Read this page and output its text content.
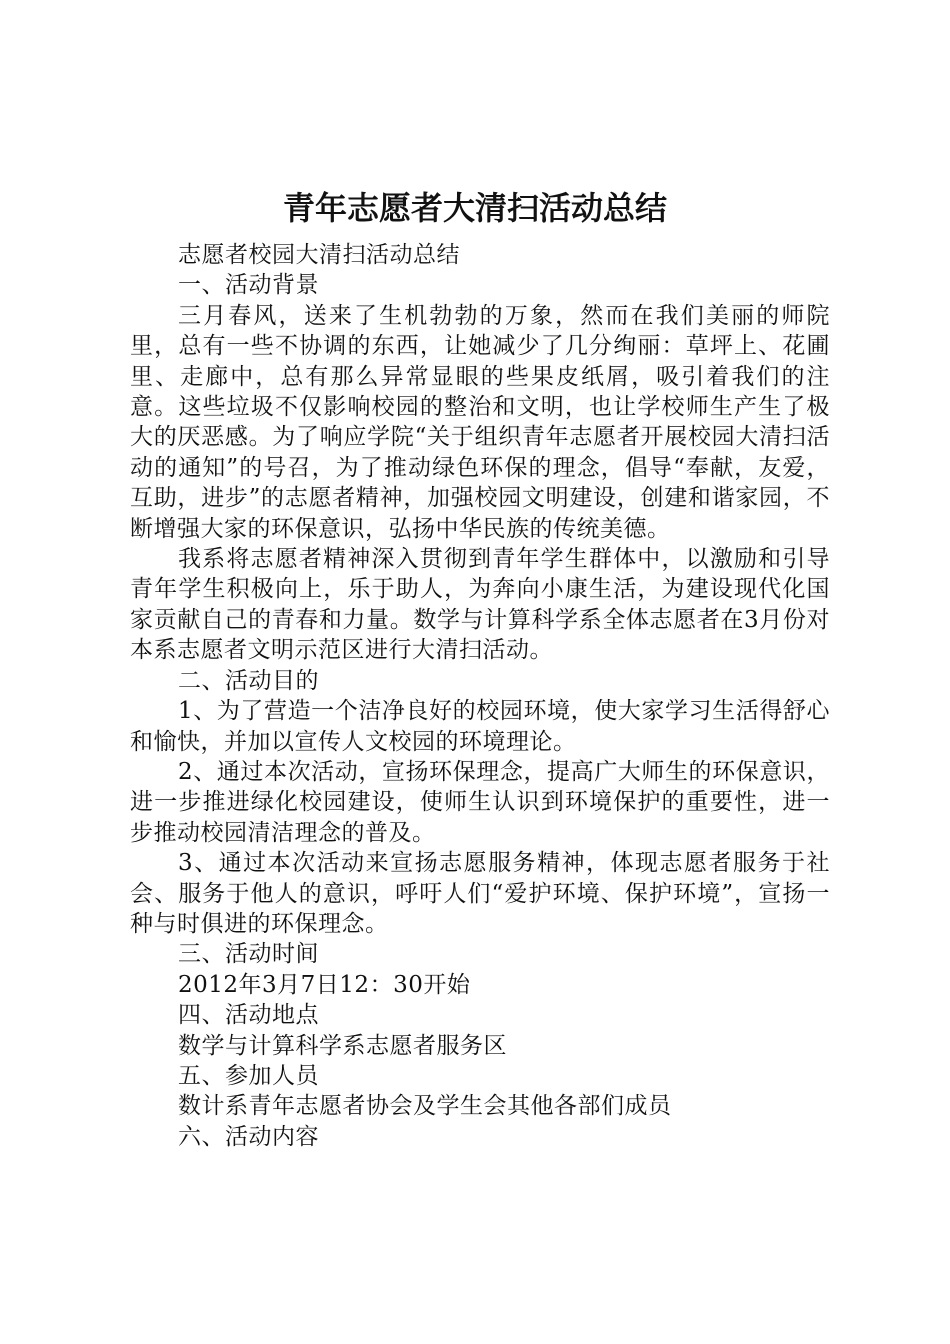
青年志愿者大清扫活动总结

志愿者校园大清扫活动总结

一、活动背景

三月春风，送来了生机勃勃的万象，然而在我们美丽的师院里，总有一些不协调的东西，让她减少了几分绚丽：草坪上、花圃里、走廊中，总有那么异常显眼的些果皮纸屑，吸引着我们的注意。这些垃圾不仅影响校园的整治和文明，也让学校师生产生了极大的厌恶感。为了响应学院“关于组织青年志愿者开展校园大清扫活动的通知”的号召，为了推动绿色环保的理念，倡导“奉献，友爱，互助，进步”的志愿者精神，加强校园文明建设，创建和谐家园，不断增强大家的环保意识，弘扬中华民族的传统美德。

我系将志愿者精神深入贯彻到青年学生群体中，以激励和引导青年学生积极向上，乐于助人，为奔向小康生活，为建设现代化国家贡献自己的青春和力量。数学与计算科学系全体志愿者在3月份对本系志愿者文明示范区进行大清扫活动。

二、活动目的

1、为了营造一个洁净良好的校园环境，使大家学习生活得舒心和愉快，并加以宣传人文校园的环境理论。

2、通过本次活动，宣扬环保理念，提高广大师生的环保意识，进一步推进绿化校园建设，使师生认识到环境保护的重要性，进一步推动校园清洁理念的普及。

3、通过本次活动来宣扬志愿服务精神，体现志愿者服务于社会、服务于他人的意识，呼吁人们“爱护环境、保护环境”，宣扬一种与时俱进的环保理念。

三、活动时间

2012年3月7日12：30开始

四、活动地点

数学与计算科学系志愿者服务区

五、参加人员

数计系青年志愿者协会及学生会其他各部们成员

六、活动内容
